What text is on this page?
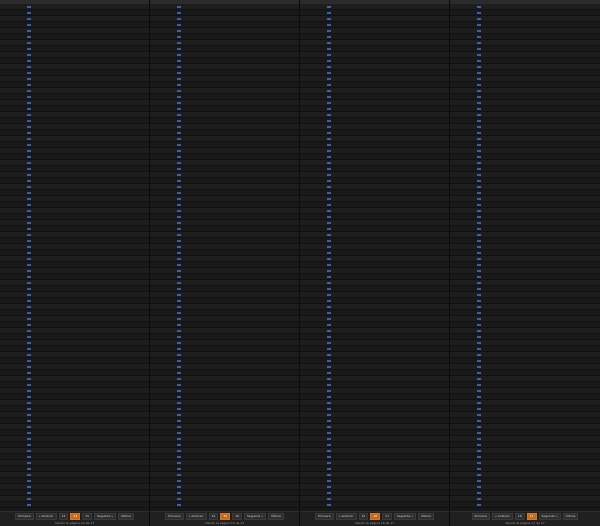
Primeira	« Anterior	13	14	15	Seguinte »	Última
Viendo la página 14 de 17
Primeira	« Anterior	14	15	16	Seguinte »	Última
Viendo la página 15 de 17
Primeira	« Anterior	15	16	17	Seguinte »	Última
Viendo la página 16 de 17
Primeira	« Anterior	16	17	Seguinte »	Última
Viendo la página 17 de 17
